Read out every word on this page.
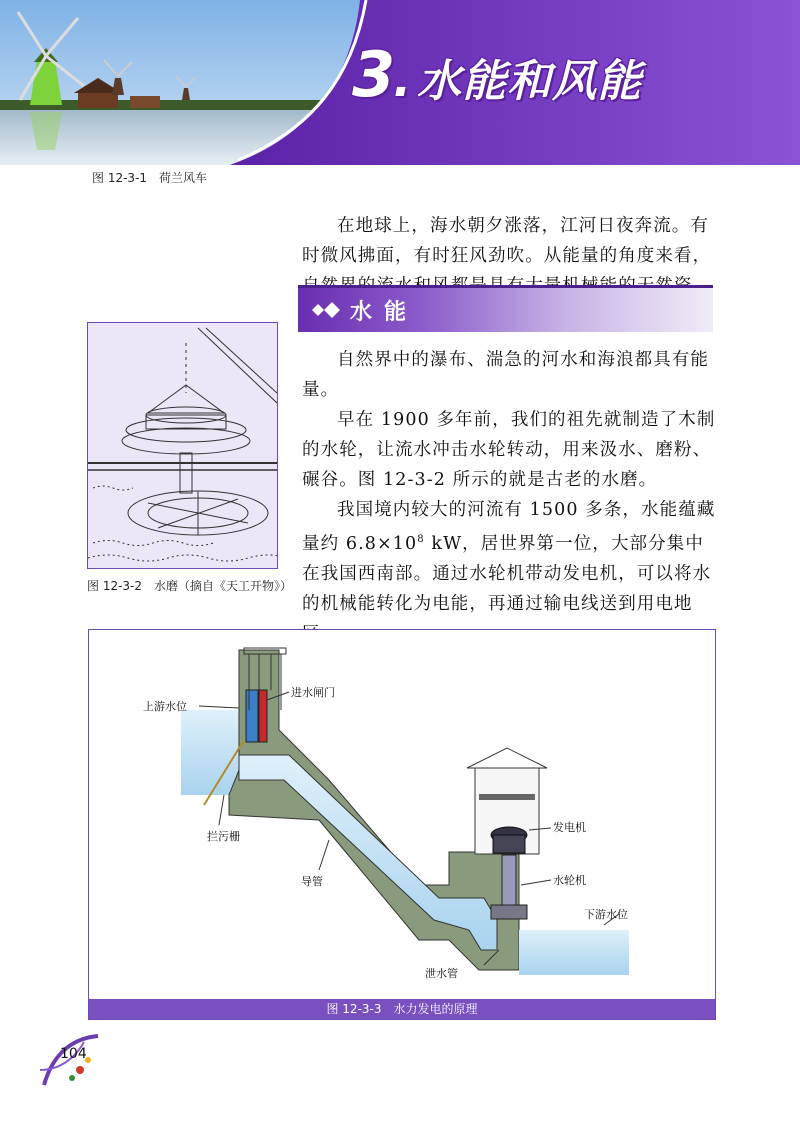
3. 水能和风能
图 12-3-1　荷兰风车

在地球上，海水朝夕涨落，江河日夜奔流。有时微风拂面，有时狂风劲吹。从能量的角度来看，

水能
图 12-3-2　水磨（摘自《天工开物》）

自然界中的瀑布、湍急的河水和海浪都具有能量。

早在 1900 多年前，我们的祖先就制造了木制的水轮，让流水冲击水轮转动，用来汲水、磨粉、碾谷。图 12-3-2 所示的就是古老的水磨。

我国境内较大的河流有 1500 多条，水能蕴藏量约 $6.8\times 10^8$ kW，居世界第一位，大部分集中在我国西南部。通过水轮机带动发电机，可以将水的机械能转化为电能，再通过输电线送到用电地

上游水位
进水闸门
拦污栅
导管
发电机
水轮机
下游水位
泄水管
图 12-3-3　水力发电的原理
104
